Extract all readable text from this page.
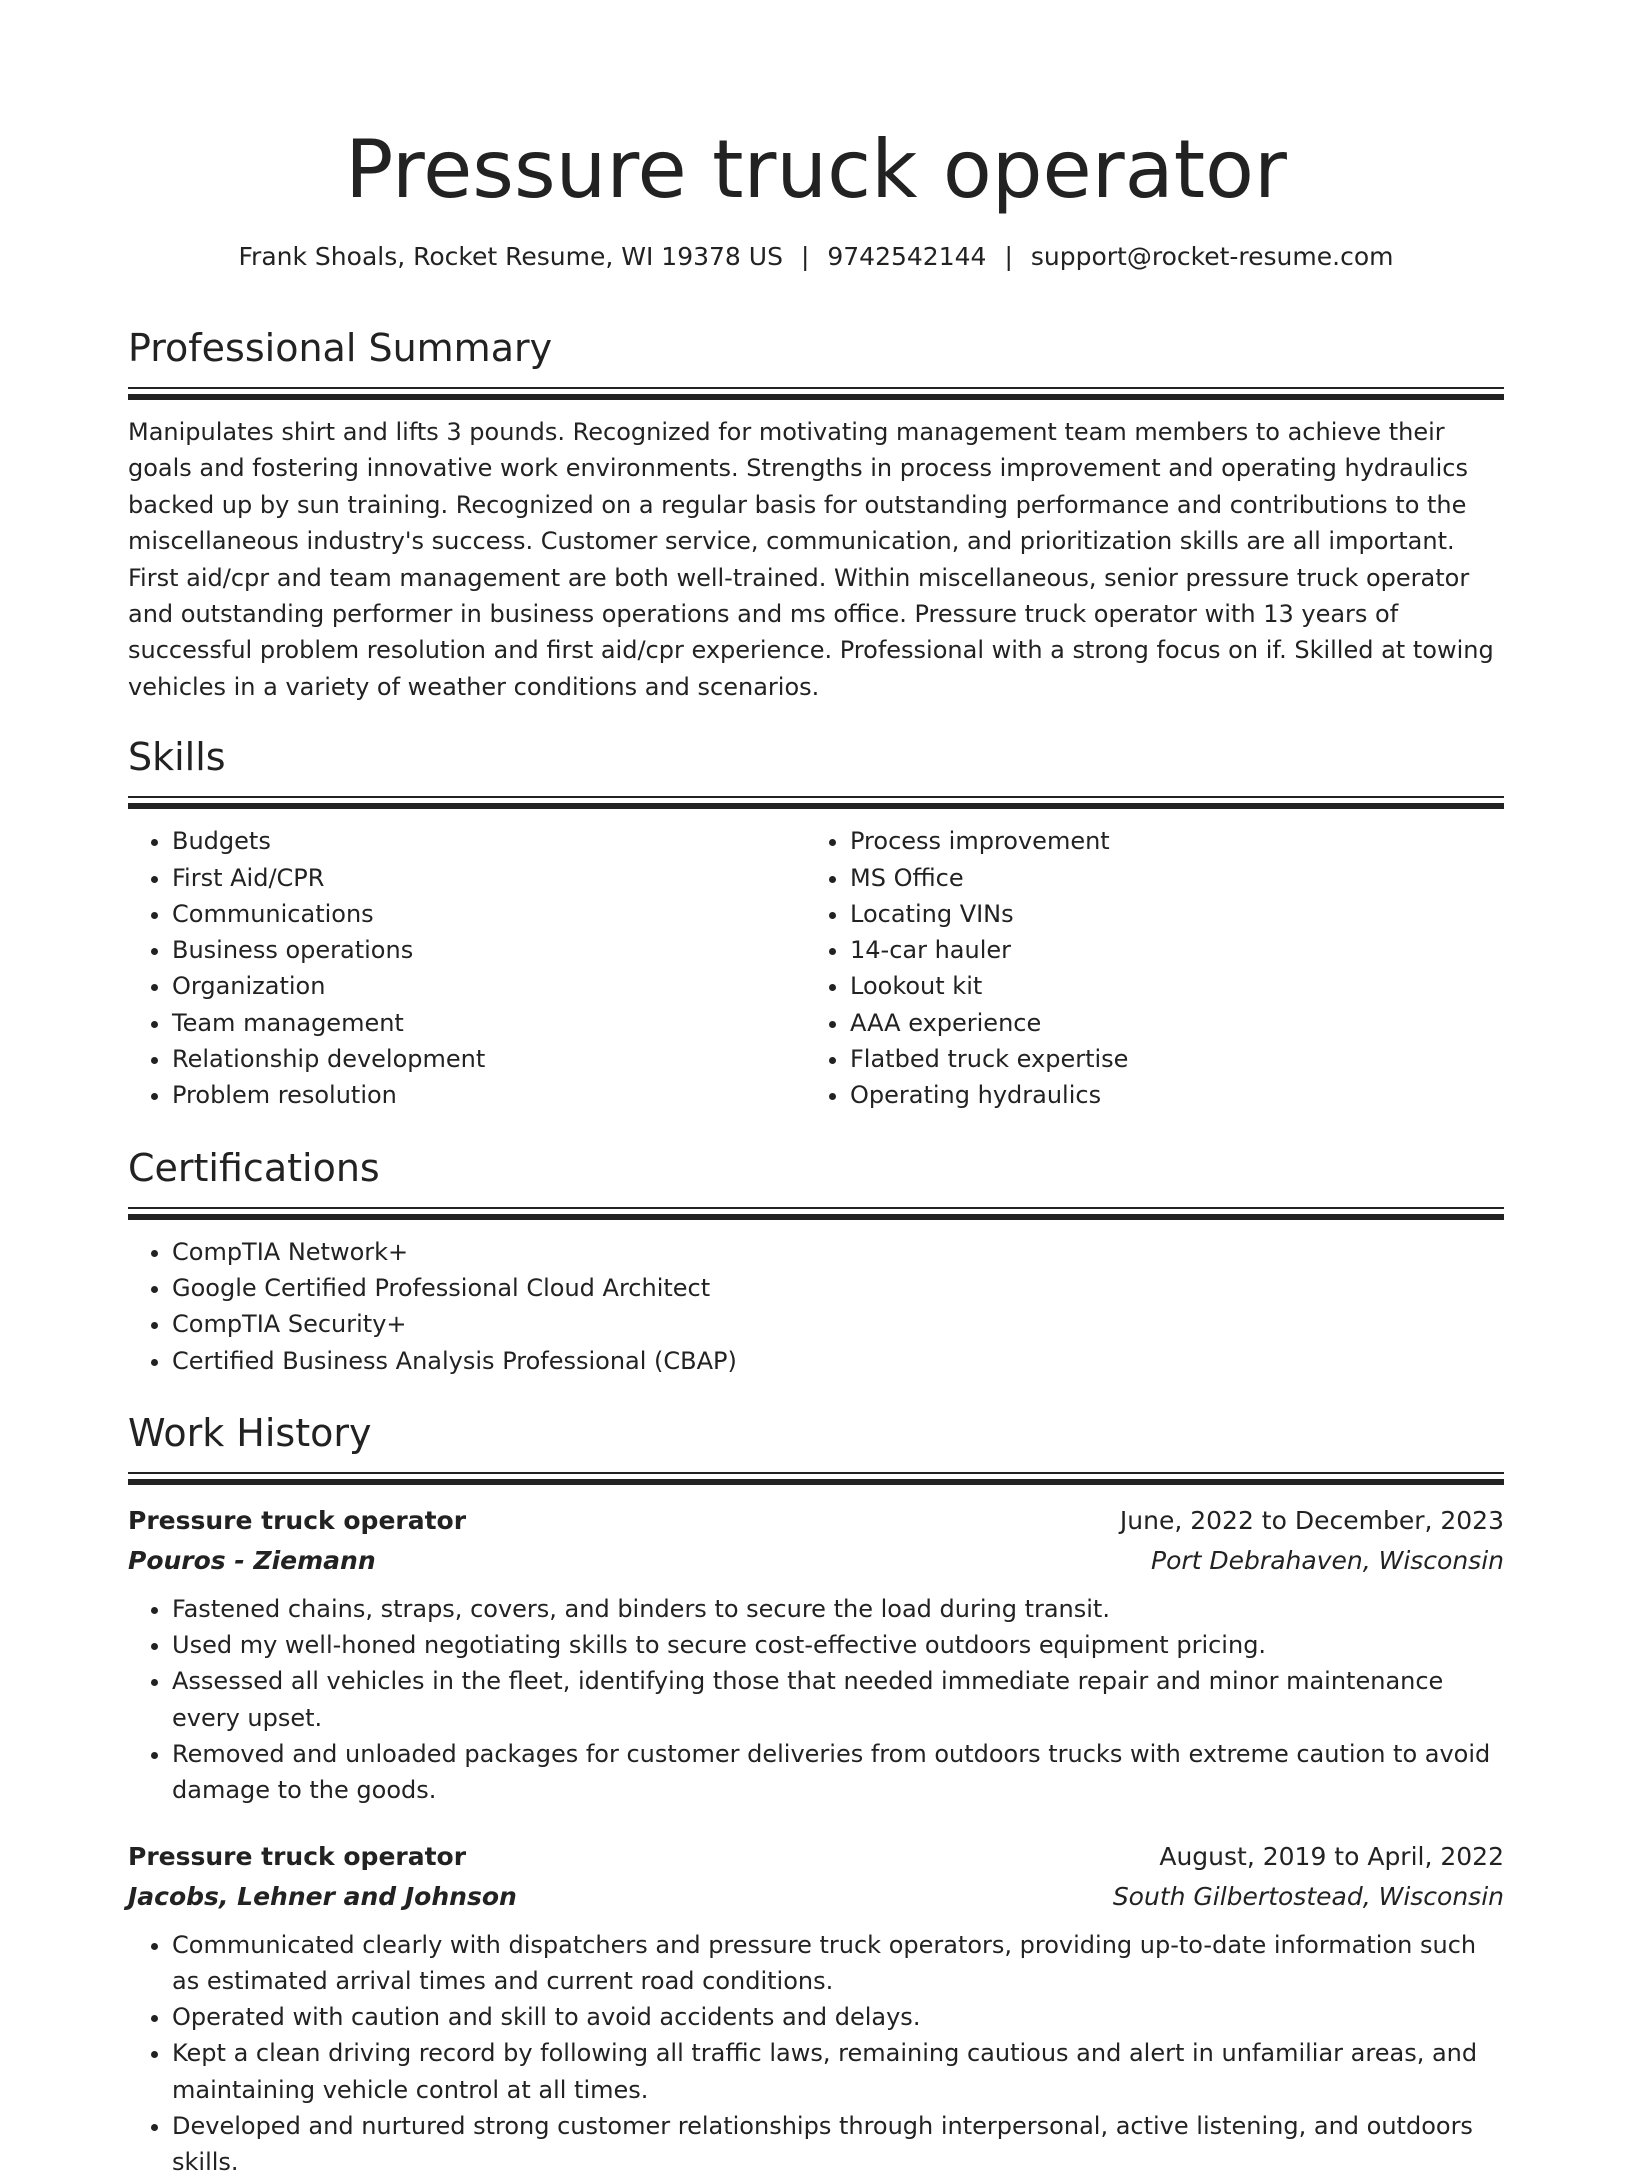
Pressure truck operator
Frank Shoals, Rocket Resume, WI 19378 US | 9742542144 | support@rocket-resume.com
Professional Summary

Manipulates shirt and lifts 3 pounds. Recognized for motivating management team members to achieve their goals and fostering innovative work environments. Strengths in process improvement and operating hydraulics backed up by sun training. Recognized on a regular basis for outstanding performance and contributions to the miscellaneous industry's success. Customer service, communication, and prioritization skills are all important. First aid/cpr and team management are both well-trained. Within miscellaneous, senior pressure truck operator and outstanding performer in business operations and ms office. Pressure truck operator with 13 years of successful problem resolution and first aid/cpr experience. Professional with a strong focus on if. Skilled at towing vehicles in a variety of weather conditions and scenarios.

Skills
• Budgets
• First Aid/CPR
• Communications
• Business operations
• Organization
• Team management
• Relationship development
• Problem resolution
• Process improvement
• MS Office
• Locating VINs
• 14-car hauler
• Lookout kit
• AAA experience
• Flatbed truck expertise
• Operating hydraulics
Certifications
• CompTIA Network+
• Google Certified Professional Cloud Architect
• CompTIA Security+
• Certified Business Analysis Professional (CBAP)
Work History
Pressure truck operator	June, 2022 to December, 2023
Pouros - Ziemann	Port Debrahaven, Wisconsin
• Fastened chains, straps, covers, and binders to secure the load during transit.
• Used my well-honed negotiating skills to secure cost-effective outdoors equipment pricing.
• Assessed all vehicles in the fleet, identifying those that needed immediate repair and minor maintenance every upset.
• Removed and unloaded packages for customer deliveries from outdoors trucks with extreme caution to avoid damage to the goods.
Pressure truck operator	August, 2019 to April, 2022
Jacobs, Lehner and Johnson	South Gilbertostead, Wisconsin
• Communicated clearly with dispatchers and pressure truck operators, providing up-to-date information such as estimated arrival times and current road conditions.
• Operated with caution and skill to avoid accidents and delays.
• Kept a clean driving record by following all traffic laws, remaining cautious and alert in unfamiliar areas, and maintaining vehicle control at all times.
• Developed and nurtured strong customer relationships through interpersonal, active listening, and outdoors skills.
